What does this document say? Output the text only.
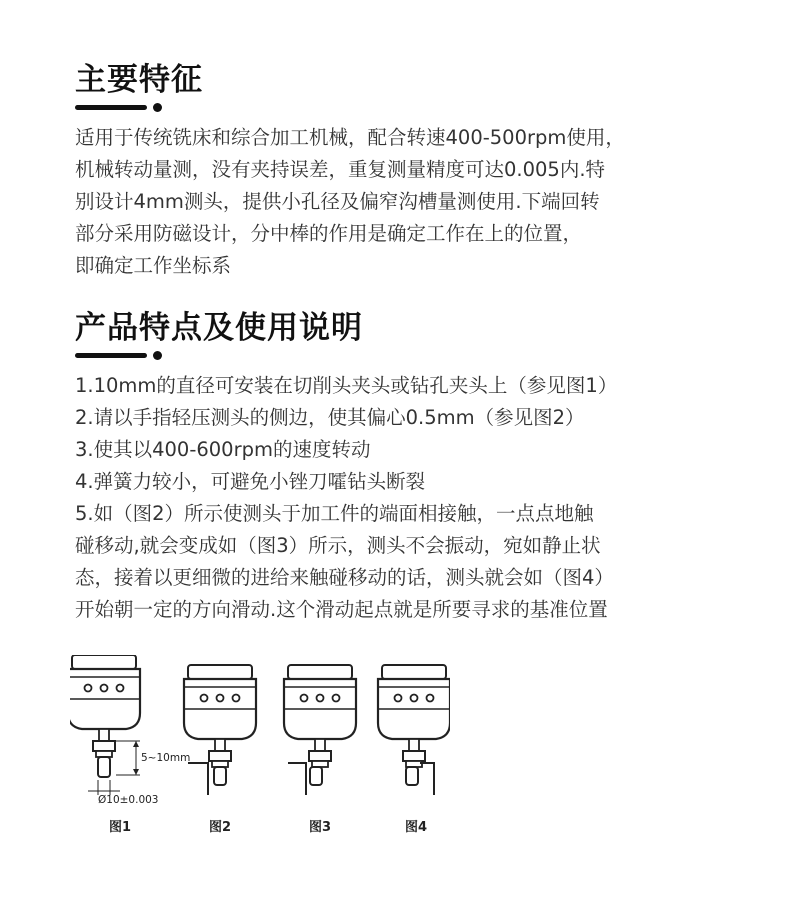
主要特征

适用于传统铣床和综合加工机械，配合转速400-500rpm使用，

机械转动量测，没有夹持误差，重复测量精度可达0.005内.特

别设计4mm测头，提供小孔径及偏窄沟槽量测使用.下端回转

部分采用防磁设计，分中棒的作用是确定工作在上的位置，

即确定工作坐标系

产品特点及使用说明
1.10mm的直径可安装在切削头夹头或钻孔夹头上（参见图1）
2.请以手指轻压测头的侧边，使其偏心0.5mm（参见图2）
3.使其以400-600rpm的速度转动
4.弹簧力较小，可避免小锉刀嚯钻头断裂
5.如（图2）所示使测头于加工件的端面相接触，一点点地触
碰移动,就会变成如（图3）所示，测头不会振动，宛如静止状
态，接着以更细微的进给来触碰移动的话，测头就会如（图4）
开始朝一定的方向滑动.这个滑动起点就是所要寻求的基准位置
5~10mm
Ø10±0.003
图1	图2	图3	图4
